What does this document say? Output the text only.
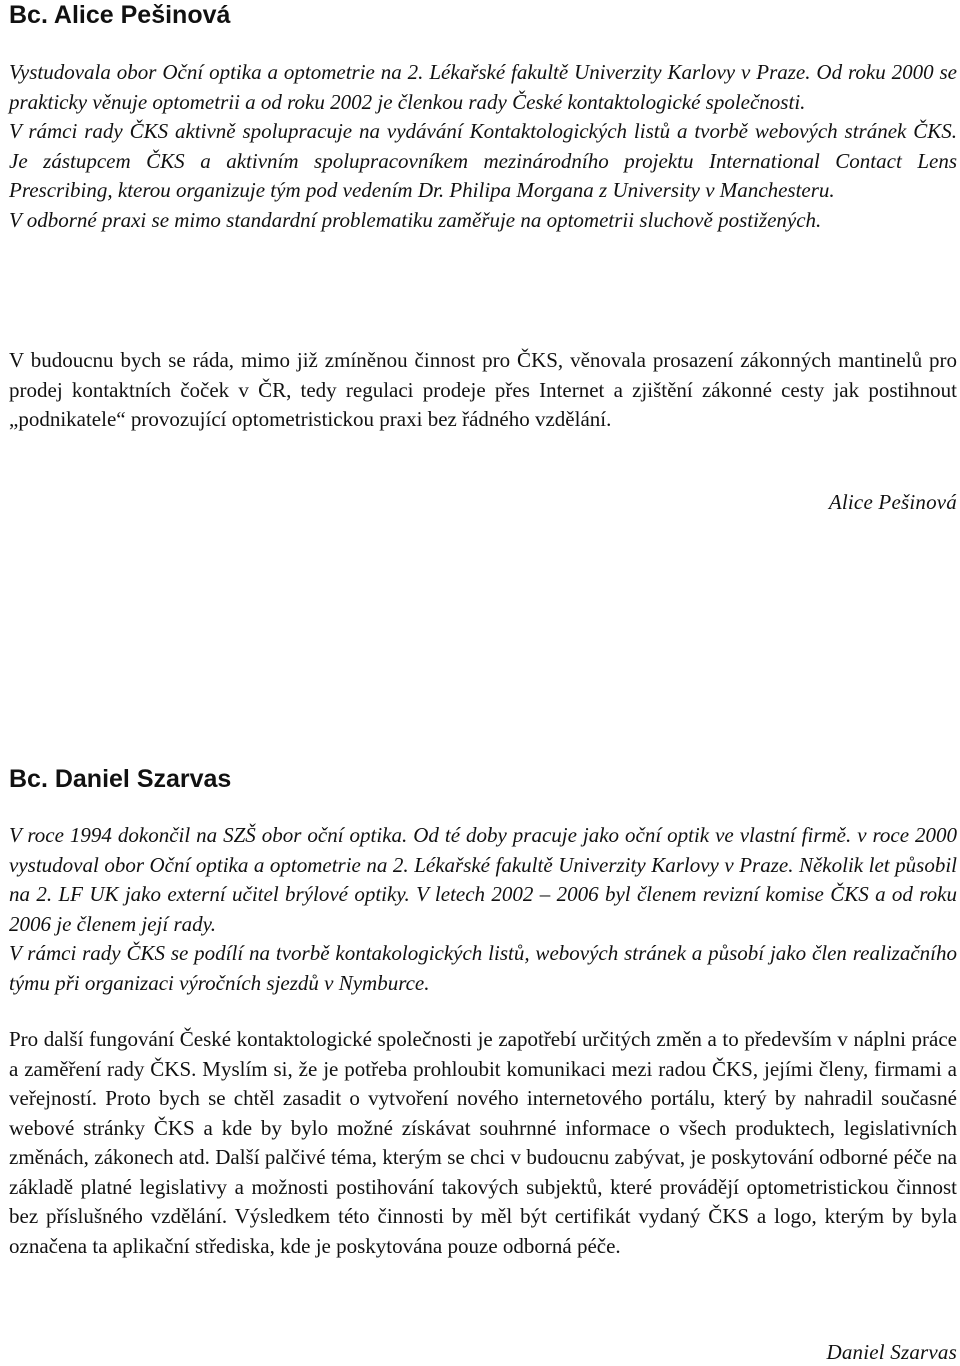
Bc. Alice Pešinová
Vystudovala obor Oční optika a optometrie na 2. Lékařské fakultě Univerzity Karlovy v Praze. Od roku 2000 se prakticky věnuje optometrii a od roku 2002 je členkou rady České kontaktologické společnosti.
V rámci rady ČKS aktivně spolupracuje na vydávání Kontaktologických listů a tvorbě webových stránek ČKS. Je zástupcem ČKS a aktivním spolupracovníkem mezinárodního projektu International Contact Lens Prescribing, kterou organizuje tým pod vedením Dr. Philipa Morgana z University v Manchesteru.
V odborné praxi se mimo standardní problematiku zaměřuje na optometrii sluchově postižených.

V budoucnu bych se ráda, mimo již zmíněnou činnost pro ČKS, věnovala prosazení zákonných mantinelů pro prodej kontaktních čoček v ČR, tedy regulaci prodeje přes Internet a zjištění zákonné cesty jak postihnout „podnikatele“ provozující optometristickou praxi bez řádného vzdělání.

Alice Pešinová
Bc. Daniel Szarvas
V roce 1994 dokončil na SZŠ obor oční optika. Od té doby pracuje jako oční optik ve vlastní firmě. v roce 2000 vystudoval obor Oční optika a optometrie na 2. Lékařské fakultě Univerzity Karlovy v Praze. Několik let působil na 2. LF UK jako externí učitel brýlové optiky. V letech 2002 – 2006 byl členem revizní komise ČKS a od roku 2006 je členem její rady.
V rámci rady ČKS se podílí na tvorbě kontakologických listů, webových stránek a působí jako člen realizačního týmu při organizaci výročních sjezdů v Nymburce.

Pro další fungování České kontaktologické společnosti je zapotřebí určitých změn a to především v náplni práce a zaměření rady ČKS. Myslím si, že je potřeba prohloubit komunikaci mezi radou ČKS, jejími členy, firmami a veřejností. Proto bych se chtěl zasadit o vytvoření nového internetového portálu, který by nahradil současné webové stránky ČKS a kde by bylo možné získávat souhrnné informace o všech produktech, legislativních změnách, zákonech atd. Další palčivé téma, kterým se chci v budoucnu zabývat, je poskytování odborné péče na základě platné legislativy a možnosti postihování takových subjektů, které provádějí optometristickou činnost bez příslušného vzdělání. Výsledkem této činnosti by měl být certifikát vydaný ČKS a logo, kterým by byla označena ta aplikační střediska, kde je poskytována pouze odborná péče.

Daniel Szarvas
